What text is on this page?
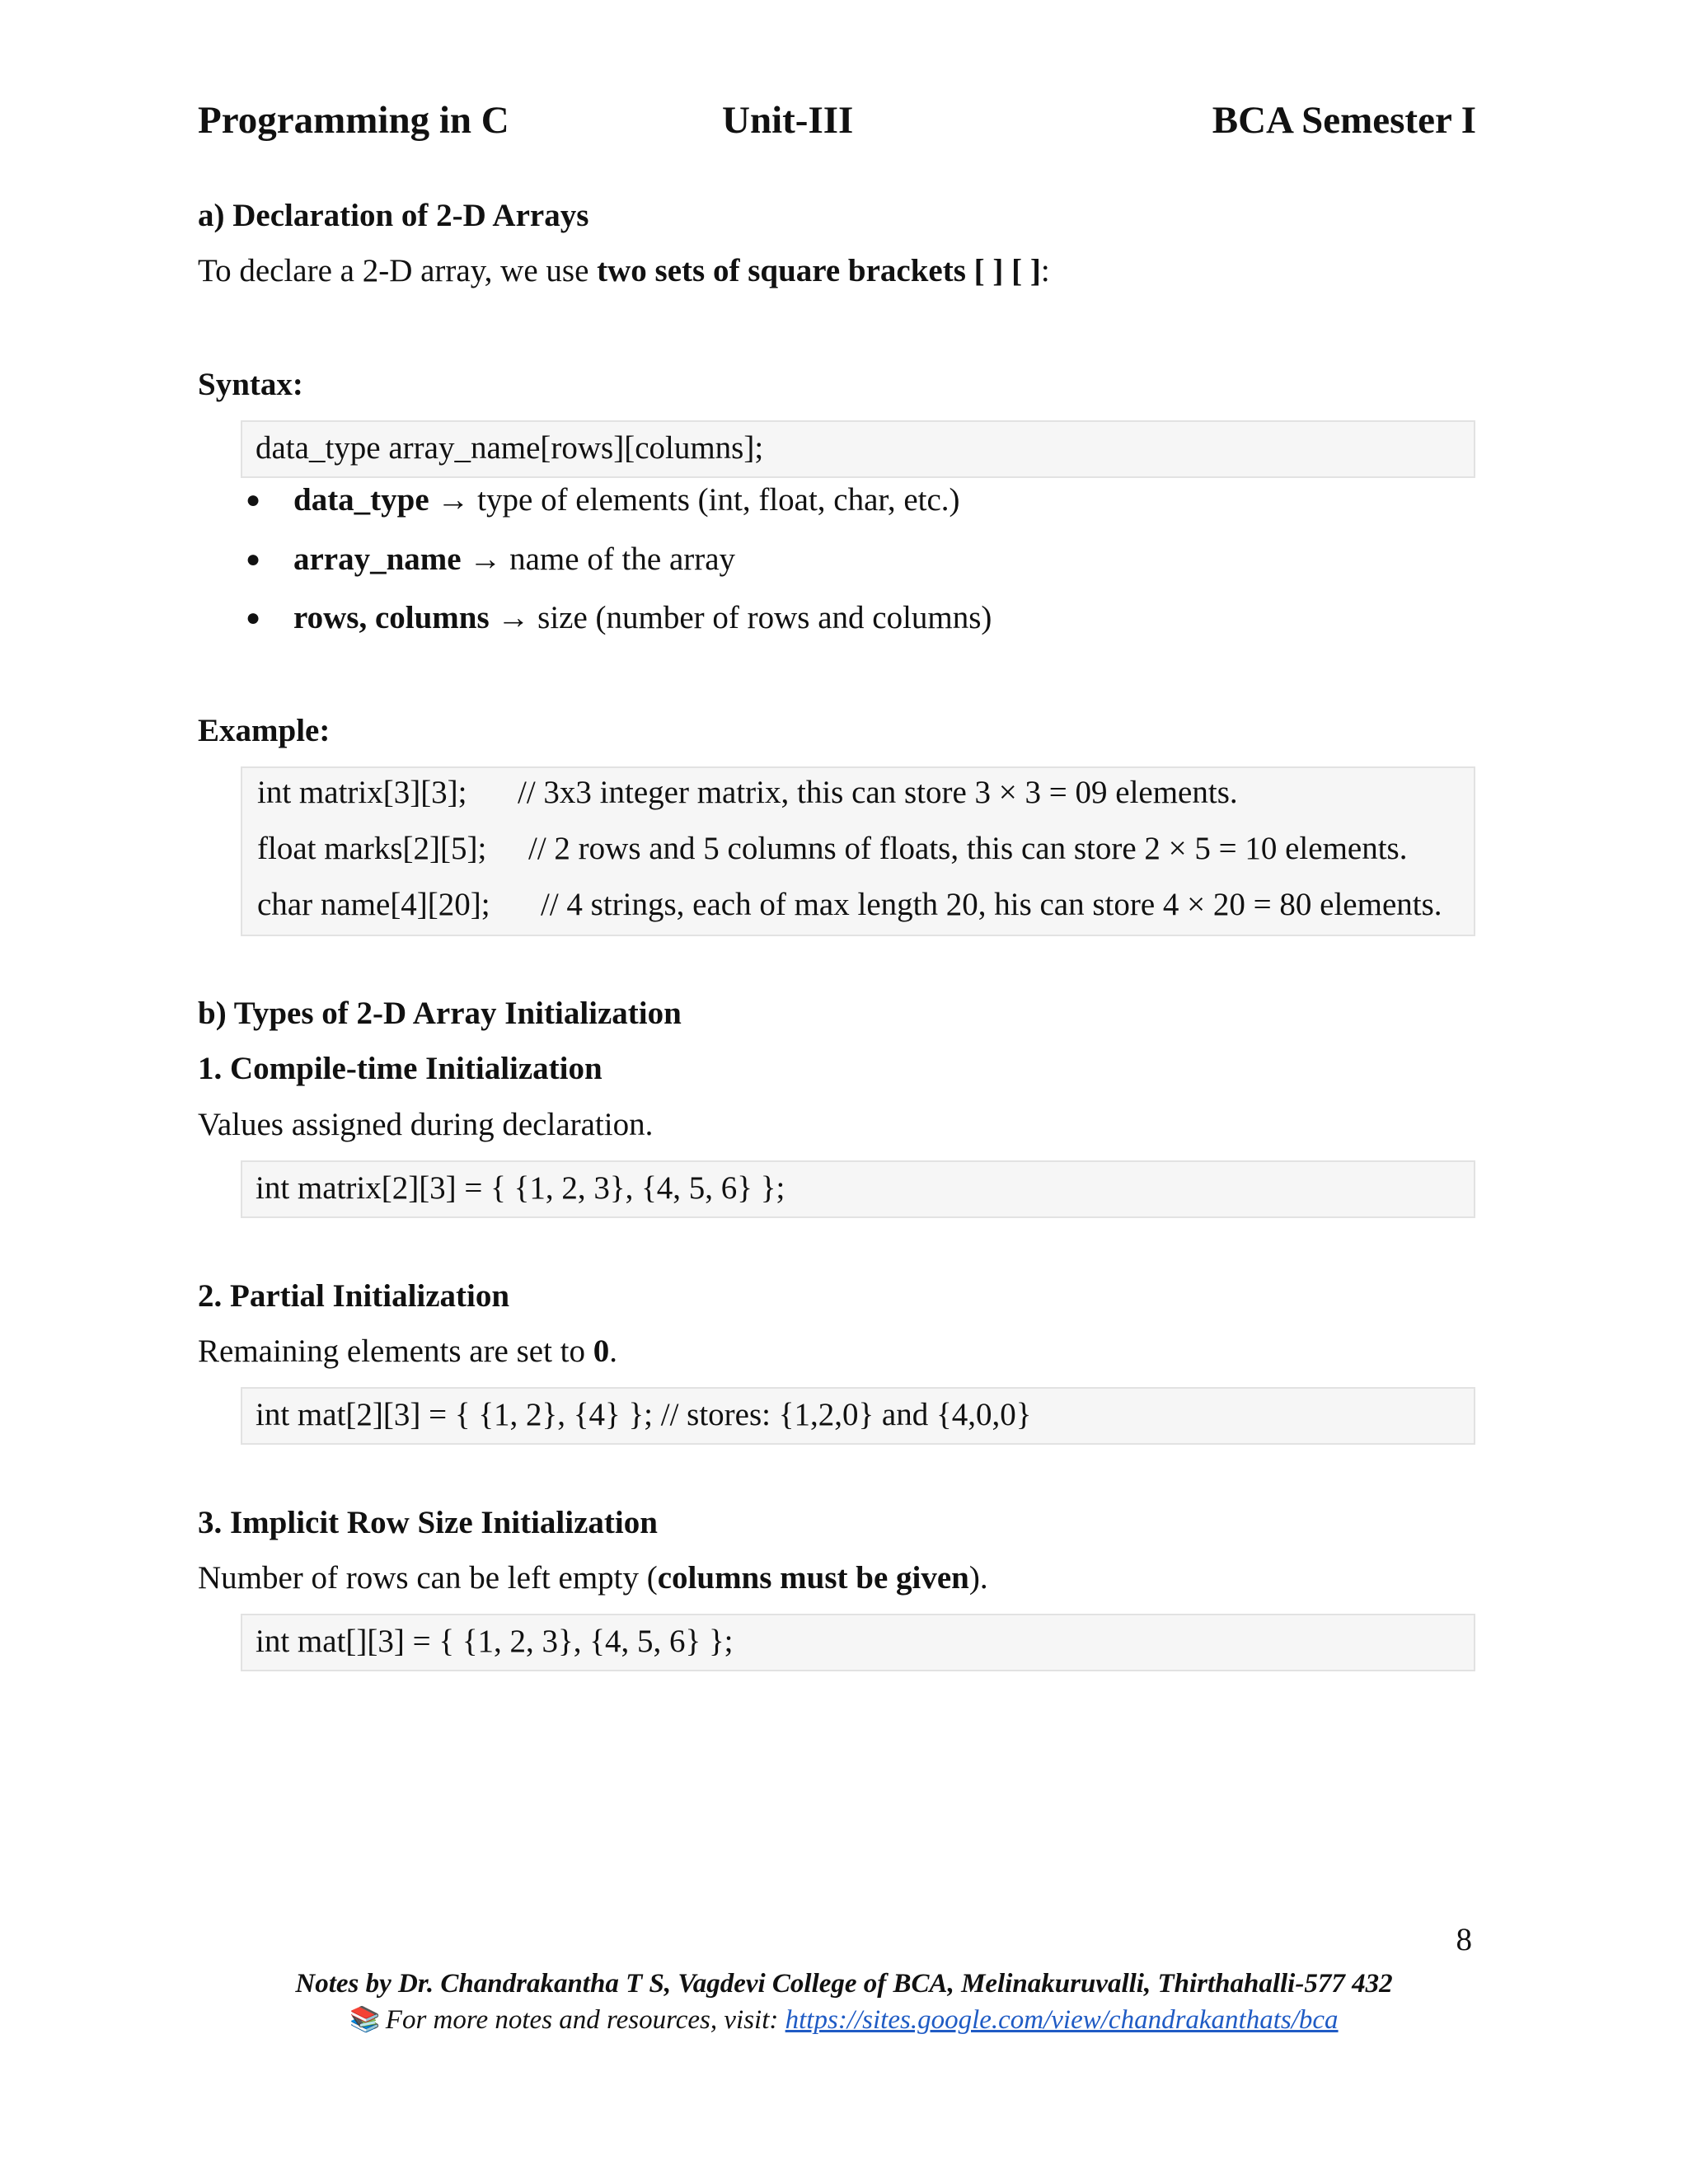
Programming in C	Unit-III	BCA Semester I
a) Declaration of 2-D Arrays
To declare a 2-D array, we use two sets of square brackets [ ] [ ]:
Syntax:
data_type array_name[rows][columns];
● data_type → type of elements (int, float, char, etc.)
● array_name → name of the array
● rows, columns → size (number of rows and columns)
Example:
int matrix[3][3]; // 3x3 integer matrix, this can store 3 × 3 = 09 elements.
float marks[2][5]; // 2 rows and 5 columns of floats, this can store 2 × 5 = 10 elements.
char name[4][20]; // 4 strings, each of max length 20, his can store 4 × 20 = 80 elements.
b) Types of 2-D Array Initialization
1. Compile-time Initialization
Values assigned during declaration.
int matrix[2][3] = { {1, 2, 3}, {4, 5, 6} };
2. Partial Initialization
Remaining elements are set to 0.
int mat[2][3] = { {1, 2}, {4} }; // stores: {1,2,0} and {4,0,0}
3. Implicit Row Size Initialization
Number of rows can be left empty (columns must be given).
int mat[][3] = { {1, 2, 3}, {4, 5, 6} };
8
Notes by Dr. Chandrakantha T S, Vagdevi College of BCA, Melinakuruvalli, Thirthahalli-577 432
📚 For more notes and resources, visit: https://sites.google.com/view/chandrakanthats/bca
